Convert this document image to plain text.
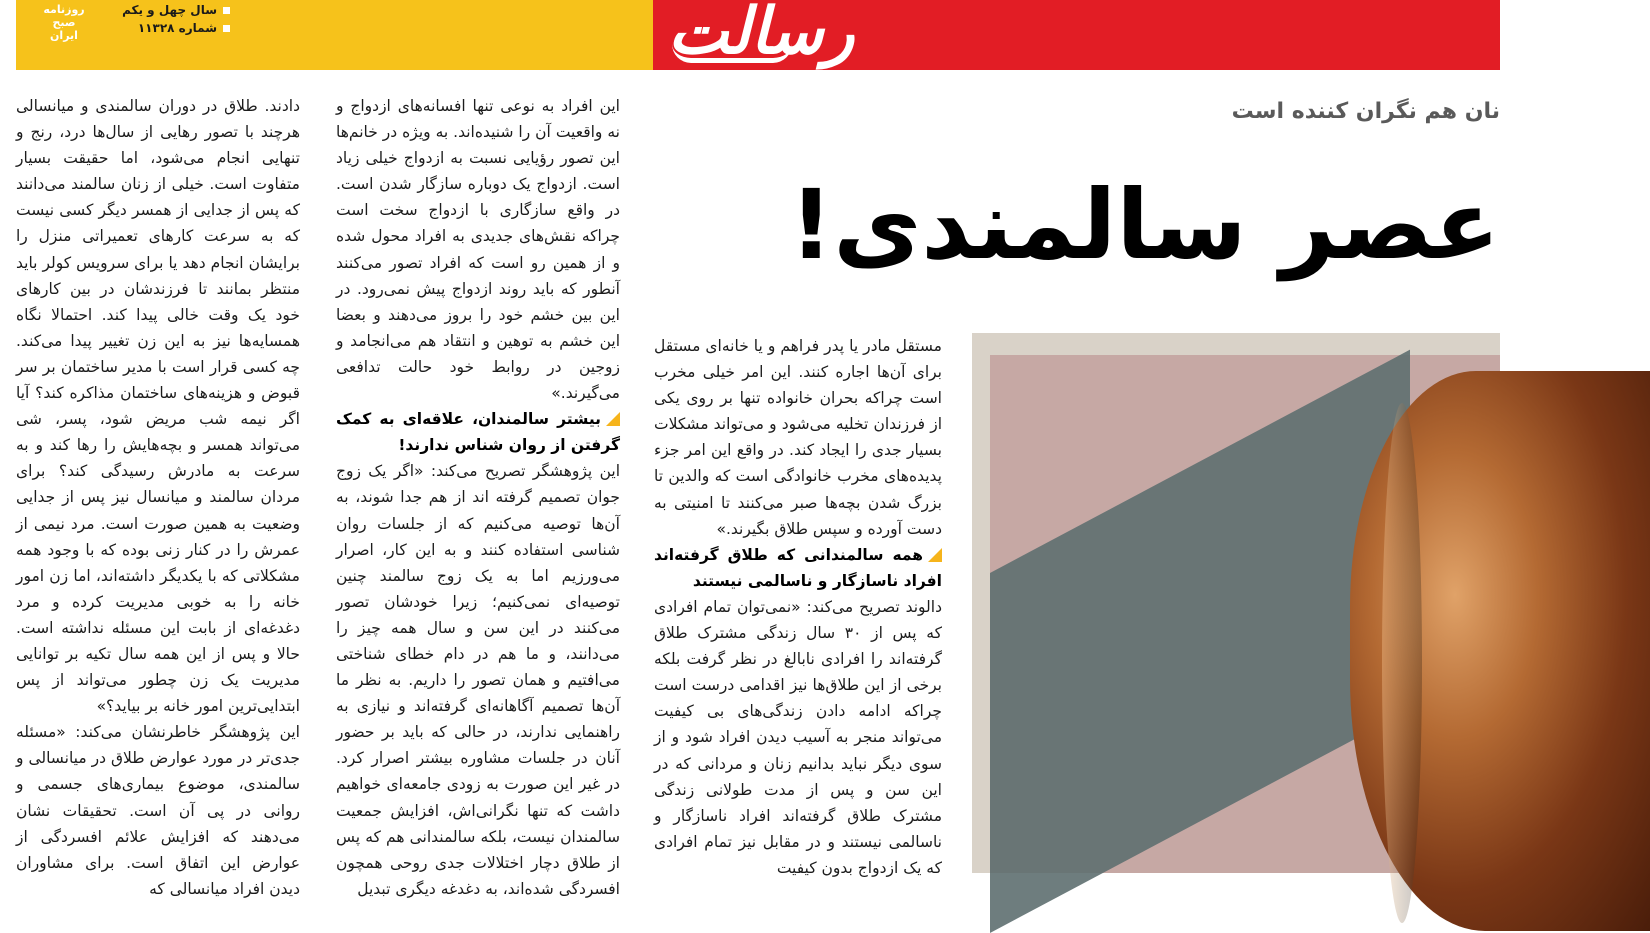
رسالت
روزنامه صبح ایران
سال چهل و یکم
شماره ۱۱۳۲۸
نان هم نگران کننده است
عصر سالمندی!

دادند. طلاق در دوران سالمندی و میانسالی هرچند با تصور رهایی از سال‌ها درد، رنج و تنهایی انجام می‌شود، اما حقیقت بسیار متفاوت است. خیلی از زنان سالمند می‌دانند که پس از جدایی از همسر دیگر کسی نیست که به سرعت کارهای تعمیراتی منزل را برایشان انجام دهد یا برای سرویس کولر باید منتظر بمانند تا فرزندشان در بین کارهای خود یک وقت خالی پیدا کند. احتمالا نگاه همسایه‌ها نیز به این زن تغییر پیدا می‌کند. چه کسی قرار است با مدیر ساختمان بر سر قبوض و هزینه‌های ساختمان مذاکره کند؟ آیا اگر نیمه شب مریض شود، پسر، شی می‌تواند همسر و بچه‌هایش را رها کند و به سرعت به مادرش رسیدگی کند؟ برای مردان سالمند و میانسال نیز پس از جدایی وضعیت به همین صورت است. مرد نیمی از عمرش را در کنار زنی بوده که با وجود همه مشکلاتی که با یکدیگر داشته‌اند، اما زن امور خانه را به خوبی مدیریت کرده و مرد دغدغه‌ای از بابت این مسئله نداشته است. حالا و پس از این همه سال تکیه بر توانایی مدیریت یک زن چطور می‌تواند از پس ابتدایی‌ترین امور خانه بر بیاید؟»

این پژوهشگر خاطرنشان می‌کند: «مسئله جدی‌تر در مورد عوارض طلاق در میانسالی و سالمندی، موضوع بیماری‌های جسمی و روانی در پی آن است. تحقیقات نشان می‌دهند که افزایش علائم افسردگی از عوارض این اتفاق است. برای مشاوران دیدن افراد میانسالی که

این افراد به نوعی تنها افسانه‌های ازدواج و نه واقعیت آن را شنیده‌اند. به ویژه در خانم‌ها این تصور رؤیایی نسبت به ازدواج خیلی زیاد است. ازدواج یک دوباره سازگار شدن است. در واقع سازگاری با ازدواج سخت است چراکه نقش‌های جدیدی به افراد محول شده و از همین رو است که افراد تصور می‌کنند آنطور که باید روند ازدواج پیش نمی‌رود. در این بین خشم خود را بروز می‌دهند و بعضا این خشم به توهین و انتقاد هم می‌انجامد و زوجین در روابط خود حالت تدافعی می‌گیرند.»

بیشتر سالمندان، علاقه‌ای به کمک گرفتن از روان شناس ندارند!

این پژوهشگر تصریح می‌کند: «اگر یک زوج جوان تصمیم گرفته اند از هم جدا شوند، به آن‌ها توصیه می‌کنیم که از جلسات روان شناسی استفاده کنند و به این کار، اصرار می‌ورزیم اما به یک زوج سالمند چنین توصیه‌ای نمی‌کنیم؛ زیرا خودشان تصور می‌کنند در این سن و سال همه چیز را می‌دانند، و ما هم در دام خطای شناختی می‌افتیم و همان تصور را داریم. به نظر ما آن‌ها تصمیم آگاهانه‌ای گرفته‌اند و نیازی به راهنمایی ندارند، در حالی که باید بر حضور آنان در جلسات مشاوره بیشتر اصرار کرد. در غیر این صورت به زودی جامعه‌ای خواهیم داشت که تنها نگرانی‌اش، افزایش جمعیت سالمندان نیست، بلکه سالمندانی هم که پس از طلاق دچار اختلالات جدی روحی همچون افسردگی شده‌اند، به دغدغه دیگری تبدیل

مستقل مادر یا پدر فراهم و یا خانه‌ای مستقل برای آن‌ها اجاره کنند. این امر خیلی مخرب است چراکه بحران خانواده تنها بر روی یکی از فرزندان تخلیه می‌شود و می‌تواند مشکلات بسیار جدی را ایجاد کند. در واقع این امر جزء پدیده‌های مخرب خانوادگی است که والدین تا بزرگ شدن بچه‌ها صبر می‌کنند تا امنیتی به دست آورده و سپس طلاق بگیرند.»

همه سالمندانی که طلاق گرفته‌اند افراد ناسازگار و ناسالمی نیستند

دالوند تصریح می‌کند: «نمی‌توان تمام افرادی که پس از ۳۰ سال زندگی مشترک طلاق گرفته‌اند را افرادی نابالغ در نظر گرفت بلکه برخی از این طلاق‌ها نیز اقدامی درست است چراکه ادامه دادن زندگی‌های بی کیفیت می‌تواند منجر به آسیب دیدن افراد شود و از سوی دیگر نباید بدانیم زنان و مردانی که در این سن و پس از مدت طولانی زندگی مشترک طلاق گرفته‌اند افراد ناسازگار و ناسالمی نیستند و در مقابل نیز تمام افرادی که یک ازدواج بدون کیفیت
